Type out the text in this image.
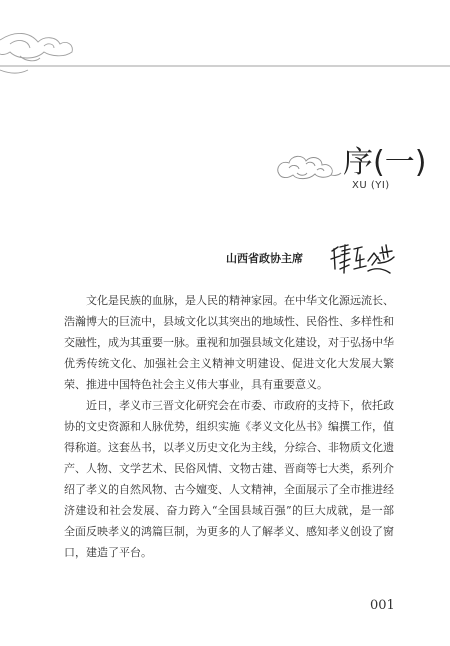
序(一)
XU (YI)
山西省政协主席

文化是民族的血脉，是人民的精神家园。在中华文化源远流长、浩瀚博大的巨流中，县域文化以其突出的地域性、民俗性、多样性和交融性，成为其重要一脉。重视和加强县域文化建设，对于弘扬中华优秀传统文化、加强社会主义精神文明建设、促进文化大发展大繁荣、推进中国特色社会主义伟大事业，具有重要意义。

近日，孝义市三晋文化研究会在市委、市政府的支持下，依托政协的文史资源和人脉优势，组织实施《孝义文化丛书》编撰工作，值得称道。这套丛书，以孝义历史文化为主线，分综合、非物质文化遗产、人物、文学艺术、民俗风情、文物古建、晋商等七大类，系列介绍了孝义的自然风物、古今嬗变、人文精神，全面展示了全市推进经济建设和社会发展、奋力跨入“全国县域百强”的巨大成就，是一部全面反映孝义的鸿篇巨制，为更多的人了解孝义、感知孝义创设了窗口，建造了平台。

001
